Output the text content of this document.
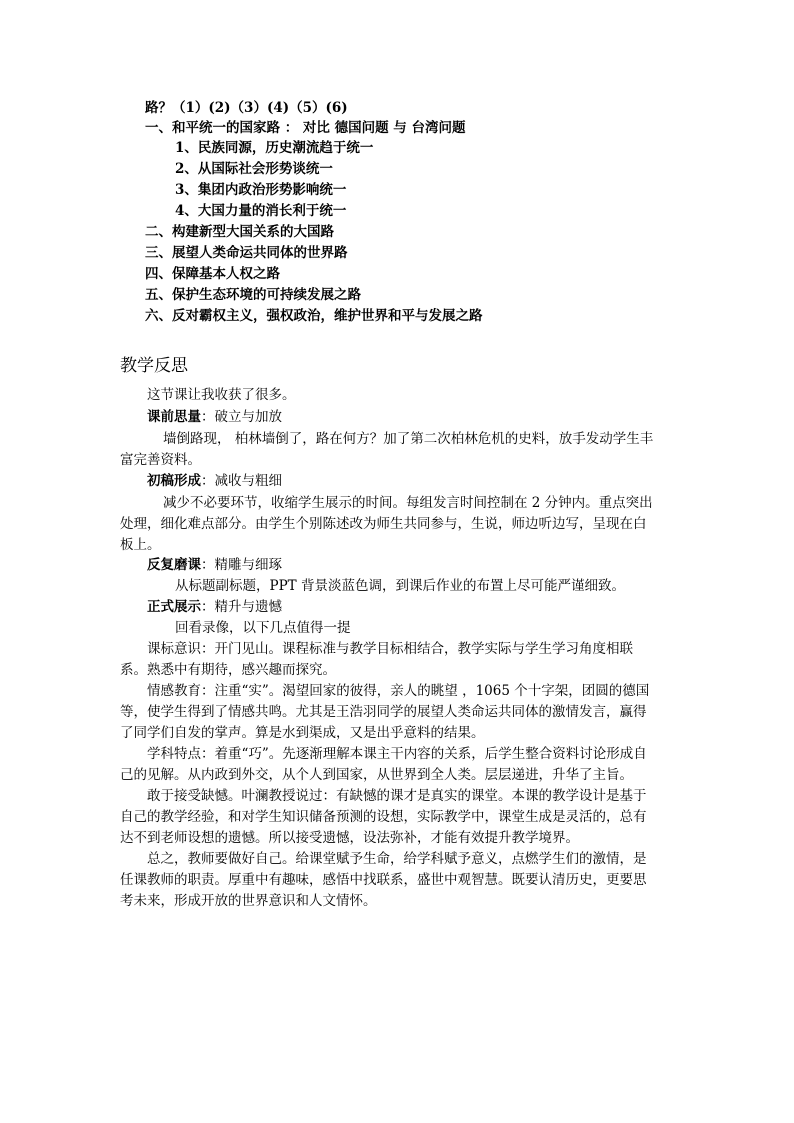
路？（1）(2)（3）(4)（5）(6)
一、和平统一的国家路 ： 对比 德国问题 与 台湾问题
1、民族同源，历史潮流趋于统一
2、从国际社会形势谈统一
3、集团内政治形势影响统一
4、大国力量的消长利于统一
二、构建新型大国关系的大国路
三、展望人类命运共同体的世界路
四、保障基本人权之路
五、保护生态环境的可持续发展之路
六、反对霸权主义，强权政治，维护世界和平与发展之路
教学反思
这节课让我收获了很多。
课前思量：破立与加放
墙倒路现， 柏林墙倒了，路在何方？加了第二次柏林危机的史料，放手发动学生丰
富完善资料。
初稿形成：减收与粗细
减少不必要环节，收缩学生展示的时间。每组发言时间控制在 2 分钟内。重点突出
处理，细化难点部分。由学生个别陈述改为师生共同参与，生说，师边听边写，呈现在白
板上。
反复磨课：精雕与细琢
从标题副标题，PPT 背景淡蓝色调，到课后作业的布置上尽可能严谨细致。
正式展示：精升与遗憾
回看录像，以下几点值得一提
课标意识：开门见山。课程标准与教学目标相结合，教学实际与学生学习角度相联
系。熟悉中有期待，感兴趣而探究。
情感教育：注重“实”。渴望回家的彼得，亲人的眺望 ，1065 个十字架，团圆的德国
等，使学生得到了情感共鸣。尤其是王浩羽同学的展望人类命运共同体的激情发言，赢得
了同学们自发的掌声。算是水到渠成，又是出乎意料的结果。
学科特点：着重“巧”。先逐渐理解本课主干内容的关系，后学生整合资料讨论形成自
己的见解。从内政到外交，从个人到国家，从世界到全人类。层层递进，升华了主旨。
敢于接受缺憾。叶澜教授说过：有缺憾的课才是真实的课堂。本课的教学设计是基于
自己的教学经验，和对学生知识储备预测的设想，实际教学中，课堂生成是灵活的，总有
达不到老师设想的遗憾。所以接受遗憾，设法弥补，才能有效提升教学境界。
总之，教师要做好自己。给课堂赋予生命，给学科赋予意义，点燃学生们的激情，是
任课教师的职责。厚重中有趣味，感悟中找联系，盛世中观智慧。既要认清历史，更要思
考未来，形成开放的世界意识和人文情怀。
